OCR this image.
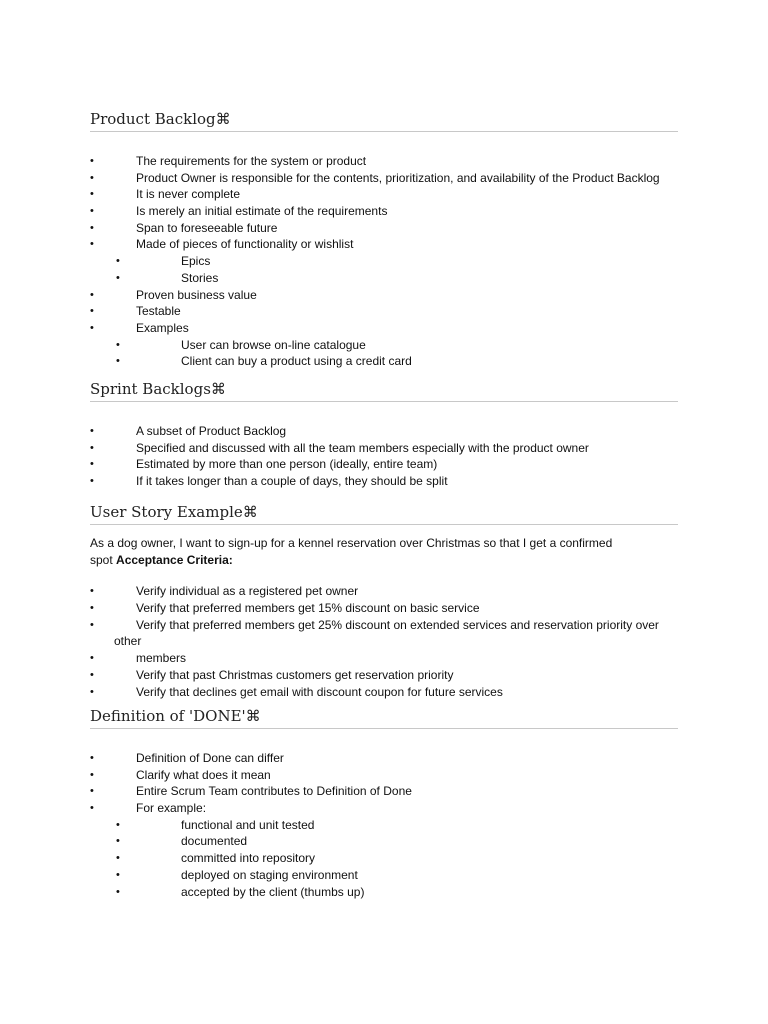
Product Backlog⌘
•	The requirements for the system or product
•	Product Owner is responsible for the contents, prioritization, and availability of the Product Backlog
•	It is never complete
•	Is merely an initial estimate of the requirements
•	Span to foreseeable future
•	Made of pieces of functionality or wishlist
•	Epics
•	Stories
•	Proven business value
•	Testable
•	Examples
•	User can browse on-line catalogue
•	Client can buy a product using a credit card
Sprint Backlogs⌘
•	A subset of Product Backlog
•	Specified and discussed with all the team members especially with the product owner
•	Estimated by more than one person (ideally, entire team)
•	If it takes longer than a couple of days, they should be split
User Story Example⌘
As a dog owner, I want to sign-up for a kennel reservation over Christmas so that I get a confirmed
spot Acceptance Criteria:
•	Verify individual as a registered pet owner
•	Verify that preferred members get 15% discount on basic service
•	Verify that preferred members get 25% discount on extended services and reservation priority over
other
•	members
•	Verify that past Christmas customers get reservation priority
•	Verify that declines get email with discount coupon for future services
Definition of 'DONE'⌘
•	Definition of Done can differ
•	Clarify what does it mean
•	Entire Scrum Team contributes to Definition of Done
•	For example:
•	functional and unit tested
•	documented
•	committed into repository
•	deployed on staging environment
•	accepted by the client (thumbs up)
